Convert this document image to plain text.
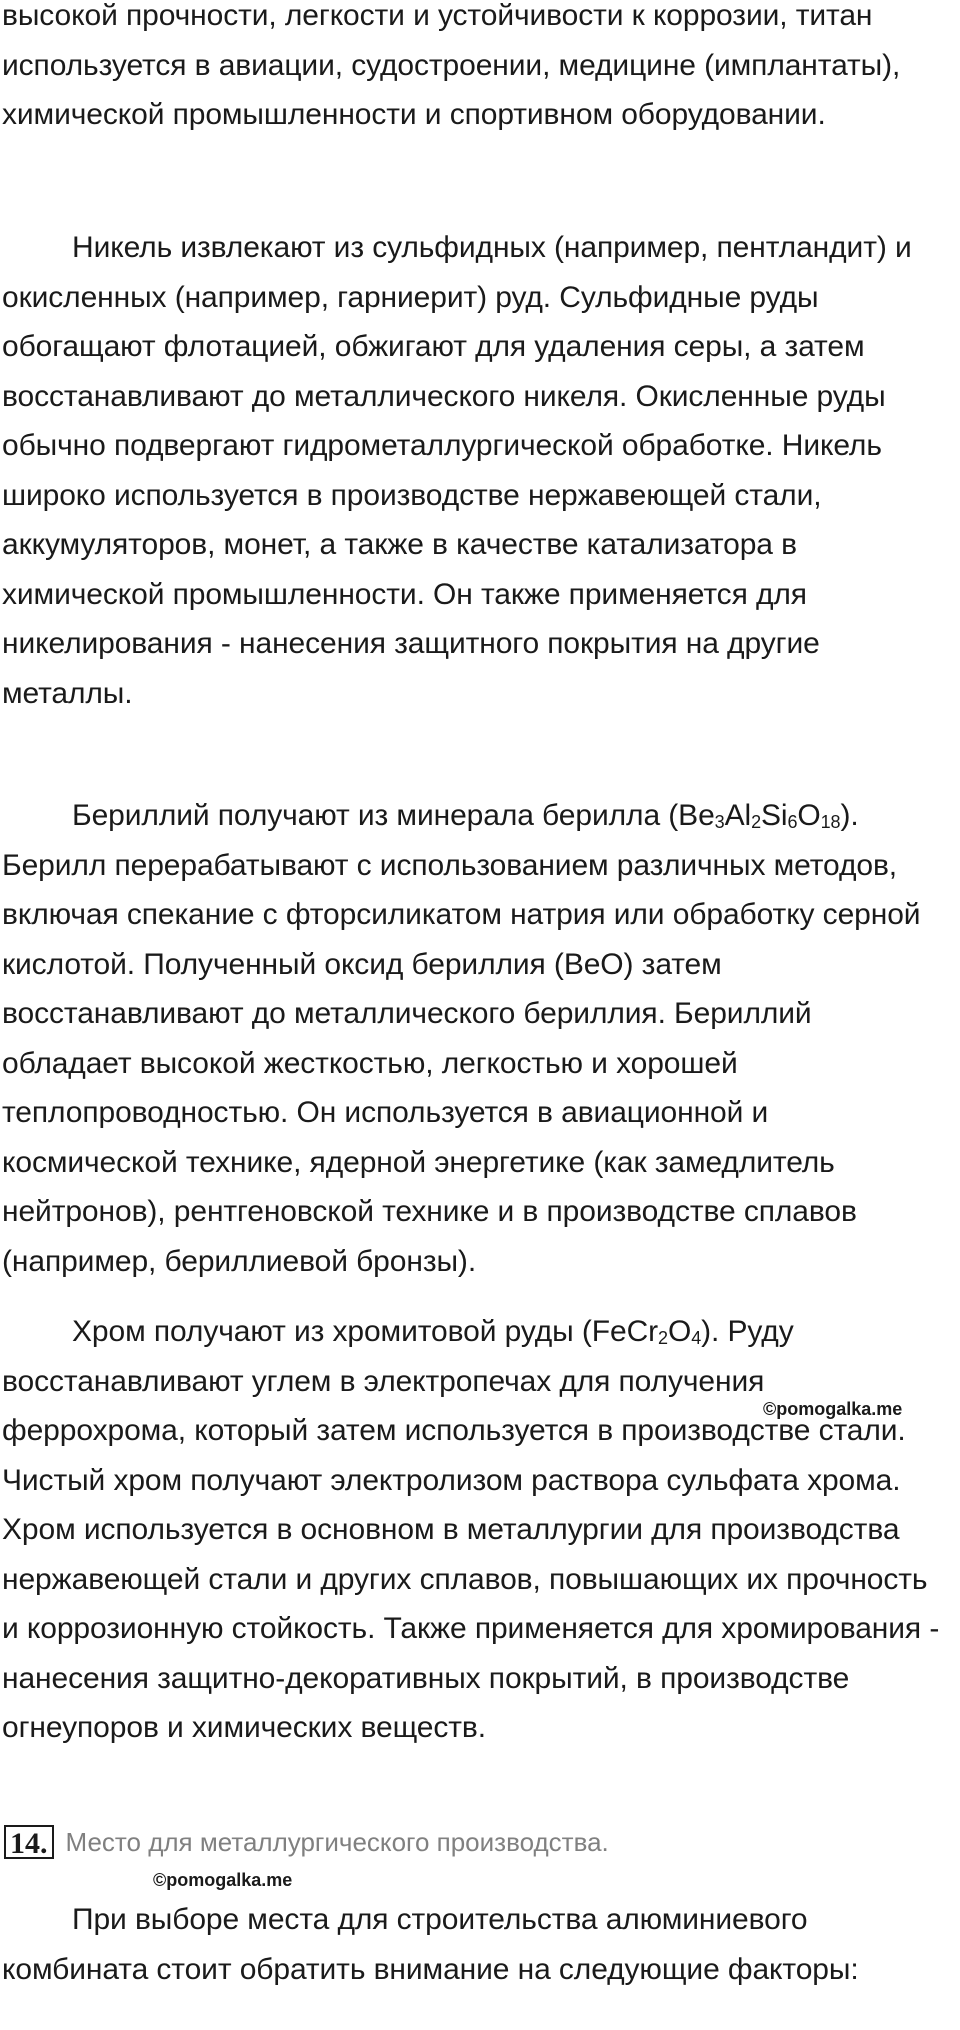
высокой прочности, легкости и устойчивости к коррозии, титан используется в авиации, судостроении, медицине (имплантаты), химической промышленности и спортивном оборудовании.

Никель извлекают из сульфидных (например, пентландит) и окисленных (например, гарниерит) руд. Сульфидные руды обогащают флотацией, обжигают для удаления серы, а затем восстанавливают до металлического никеля. Окисленные руды обычно подвергают гидрометаллургической обработке. Никель широко используется в производстве нержавеющей стали, аккумуляторов, монет, а также в качестве катализатора в химической промышленности. Он также применяется для никелирования - нанесения защитного покрытия на другие металлы.

Бериллий получают из минерала берилла $(Be_3Al_2Si_6O_{18})$. Берилл перерабатывают с использованием различных методов, включая спекание с фторсиликатом натрия или обработку серной кислотой. Полученный оксид бериллия (BeO) затем восстанавливают до металлического бериллия. Бериллий обладает высокой жесткостью, легкостью и хорошей теплопроводностью. Он используется в авиационной и космической технике, ядерной энергетике (как замедлитель нейтронов), рентгеновской технике и в производстве сплавов (например, бериллиевой бронзы).

Хром получают из хромитовой руды $(FeCr_2O_4)$. Руду восстанавливают углем в электропечах для получения феррохрома, который затем используется в производстве стали. Чистый хром получают электролизом раствора сульфата хрома. Хром используется в основном в металлургии для производства нержавеющей стали и других сплавов, повышающих их прочность и коррозионную стойкость. Также применяется для хромирования - нанесения защитно-декоративных покрытий, в производстве огнеупоров и химических веществ.

©pomogalka.me
14. Место для металлургического производства.
©pomogalka.me

При выборе места для строительства алюминиевого комбината стоит обратить внимание на следующие факторы:
